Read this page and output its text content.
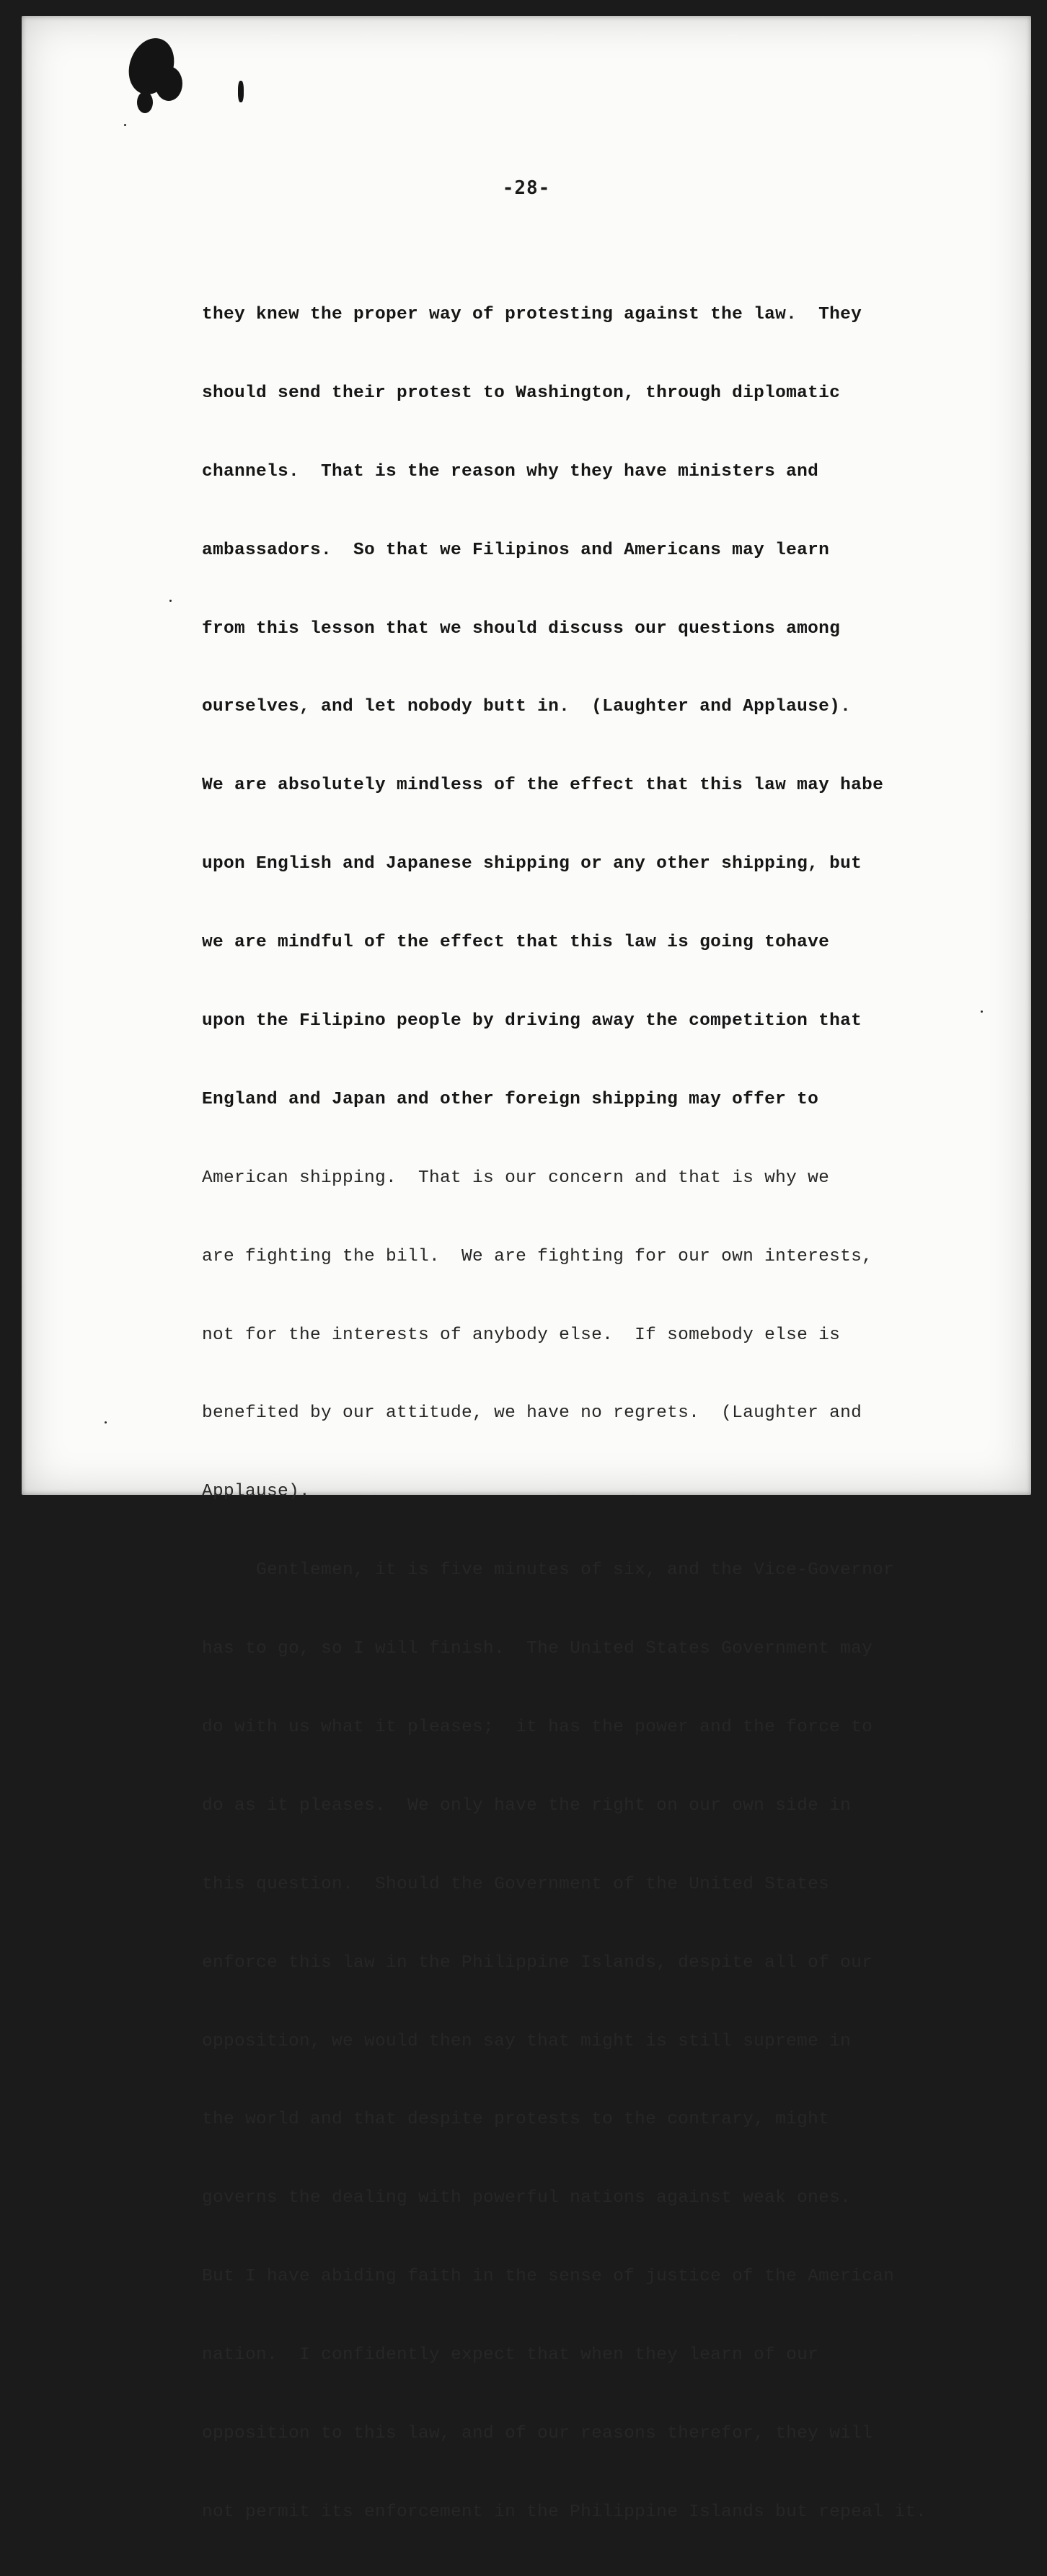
-28-

they knew the proper way of protesting against the law.  They

should send their protest to Washington, through diplomatic

channels.  That is the reason why they have ministers and

ambassadors.  So that we Filipinos and Americans may learn

from this lesson that we should discuss our questions among

ourselves, and let nobody butt in.  (Laughter and Applause).

We are absolutely mindless of the effect that this law may habe

upon English and Japanese shipping or any other shipping, but

we are mindful of the effect that this law is going tohave

upon the Filipino people by driving away the competition that

England and Japan and other foreign shipping may offer to

American shipping.  That is our concern and that is why we

are fighting the bill.  We are fighting for our own interests,

not for the interests of anybody else.  If somebody else is

benefited by our attitude, we have no regrets.  (Laughter and

Applause).

Gentlemen, it is five minutes of six, and the Vice-Governor

has to go, so I will finish.  The United States Government may

do with us what it pleases;  it has the power and the force to

do as it pleases.  We only have the right on our own side in

this question.  Should the Government of the United States

enforce this law in the Philippine Islands, despite all of our

opposition, we would then say that might is still supreme in

the world and that despite protests to the contrary, might

governs the dealing with powerful nations against weak ones.

But I have abiding faith in the sense of justice of the American

nation.  I confidently expect that when they learn of our

opposition to this law, and of our reasons therefor, they will

not permit its enforcement in the Philippine Islands but repeal it.
